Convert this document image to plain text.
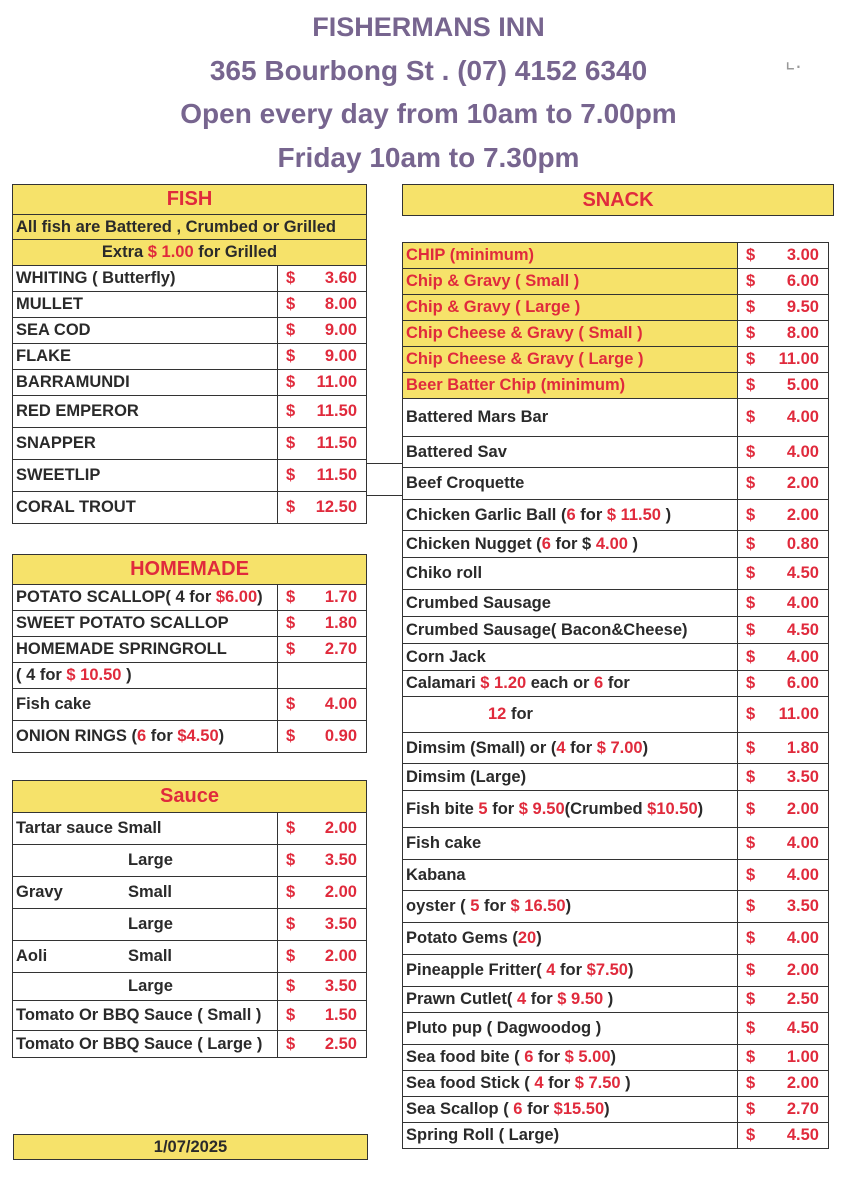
FISHERMANS INN
365 Bourbong St . (07) 4152 6340
Open every day from 10am to 7.00pm
Friday 10am to 7.30pm
⌞.
FISH	
All fish are Battered , Crumbed or Grilled	
Extra $ 1.00 for Grilled	
WHITING ( Butterfly)	$ 3.60

MULLET	$ 8.00

SEA COD	$ 9.00

FLAKE	$ 9.00

BARRAMUNDI	$ 11.00

RED EMPEROR	$ 11.50

SNAPPER	$ 11.50

SWEETLIP	$ 11.50

CORAL TROUT	$ 12.50
HOMEMADE	
POTATO SCALLOP( 4 for $6.00)	$ 1.70

SWEET POTATO SCALLOP	$ 1.80

HOMEMADE SPRINGROLL	$ 2.70

( 4 for $ 10.50 )	
Fish cake	$ 4.00

ONION RINGS (6 for $4.50)	$ 0.90
Sauce	
Tartar sauce Small	$ 2.00

Large	$ 3.50

Gravy Small	$ 2.00

Large	$ 3.50

Aoli Small	$ 2.00

Large	$ 3.50

Tomato Or BBQ Sauce ( Small )	$ 1.50

Tomato Or BBQ Sauce ( Large )	$ 2.50
SNACK
CHIP (minimum)	$ 3.00

Chip & Gravy ( Small )	$ 6.00

Chip & Gravy ( Large )	$ 9.50

Chip Cheese & Gravy ( Small )	$ 8.00

Chip Cheese & Gravy ( Large )	$ 11.00

Beer Batter Chip (minimum)	$ 5.00

Battered Mars Bar	$ 4.00

Battered Sav	$ 4.00

Beef Croquette	$ 2.00

Chicken Garlic Ball (6 for $ 11.50 )	$ 2.00

Chicken Nugget (6 for $ 4.00 )	$ 0.80

Chiko roll	$ 4.50

Crumbed Sausage	$ 4.00

Crumbed Sausage( Bacon&Cheese)	$ 4.50

Corn Jack	$ 4.00

Calamari $ 1.20 each or 6 for	$ 6.00

12 for	$ 11.00

Dimsim (Small) or (4 for $ 7.00)	$ 1.80

Dimsim (Large)	$ 3.50

Fish bite 5 for $ 9.50(Crumbed $10.50)	$ 2.00

Fish cake	$ 4.00

Kabana	$ 4.00

oyster ( 5 for $ 16.50)	$ 3.50

Potato Gems (20)	$ 4.00

Pineapple Fritter( 4 for $7.50)	$ 2.00

Prawn Cutlet( 4 for $ 9.50 )	$ 2.50

Pluto pup ( Dagwoodog )	$ 4.50

Sea food bite ( 6 for $ 5.00)	$ 1.00

Sea food Stick ( 4 for $ 7.50 )	$ 2.00

Sea Scallop ( 6 for $15.50)	$ 2.70

Spring Roll ( Large)	$ 4.50
1/07/2025
